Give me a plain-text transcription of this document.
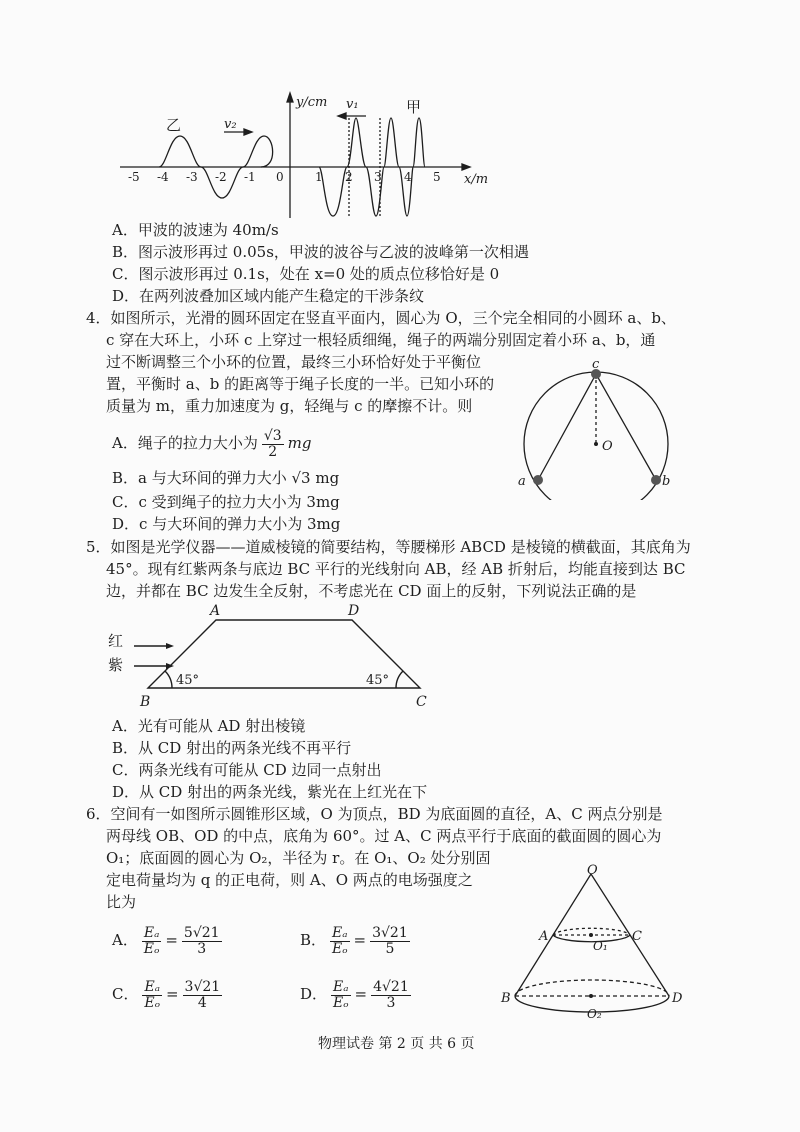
y/cm
x/m
乙
甲
v₁
v₂
-5 -4 -3 -2 -1 0	1 2 3 4 5
A．甲波的波速为 40m/s
B．图示波形再过 0.05s，甲波的波谷与乙波的波峰第一次相遇
C．图示波形再过 0.1s，处在 x=0 处的质点位移恰好是 0
D．在两列波叠加区域内能产生稳定的干涉条纹
4．如图所示，光滑的圆环固定在竖直平面内，圆心为 O，三个完全相同的小圆环 a、b、
c 穿在大环上，小环 c 上穿过一根轻质细绳，绳子的两端分别固定着小环 a、b，通
过不断调整三个小环的位置，最终三小环恰好处于平衡位
置，平衡时 a、b 的距离等于绳子长度的一半。已知小环的
质量为 m，重力加速度为 g，轻绳与 c 的摩擦不计。则
A．绳子的拉力大小为 $\frac{√3}{2}$ mg
B．a 与大环间的弹力大小 √3 mg
C．c 受到绳子的拉力大小为 3mg
D．c 与大环间的弹力大小为 3mg
c
O
a	b
5．如图是光学仪器——道威棱镜的简要结构，等腰梯形 ABCD 是棱镜的横截面，其底角为
45°。现有红紫两条与底边 BC 平行的光线射向 AB，经 AB 折射后，均能直接到达 BC
边，并都在 BC 边发生全反射，不考虑光在 CD 面上的反射，下列说法正确的是
A	D
B	C
红
紫
45°	45°
A．光有可能从 AD 射出棱镜
B．从 CD 射出的两条光线不再平行
C．两条光线有可能从 CD 边同一点射出
D．从 CD 射出的两条光线，紫光在上红光在下
6．空间有一如图所示圆锥形区域，O 为顶点，BD 为底面圆的直径，A、C 两点分别是
两母线 OB、OD 的中点，底角为 60°。过 A、C 两点平行于底面的截面圆的圆心为
O₁；底面圆的圆心为 O₂，半径为 r。在 O₁、O₂ 处分别固
定电荷量均为 q 的正电荷，则 A、O 两点的电场强度之
比为
A． $\frac{\text{Eₐ}}{\text{Eₒ}} = \frac{5√21}{3}$	B． $\frac{\text{Eₐ}}{\text{Eₒ}} = \frac{3√21}{5}$
C． $\frac{\text{Eₐ}}{\text{Eₒ}} = \frac{3√21}{4}$	D． $\frac{\text{Eₐ}}{\text{Eₒ}} = \frac{4√21}{3}$
O
A	C
O₁
B	D
O₂
物理试卷 第 2 页 共 6 页
